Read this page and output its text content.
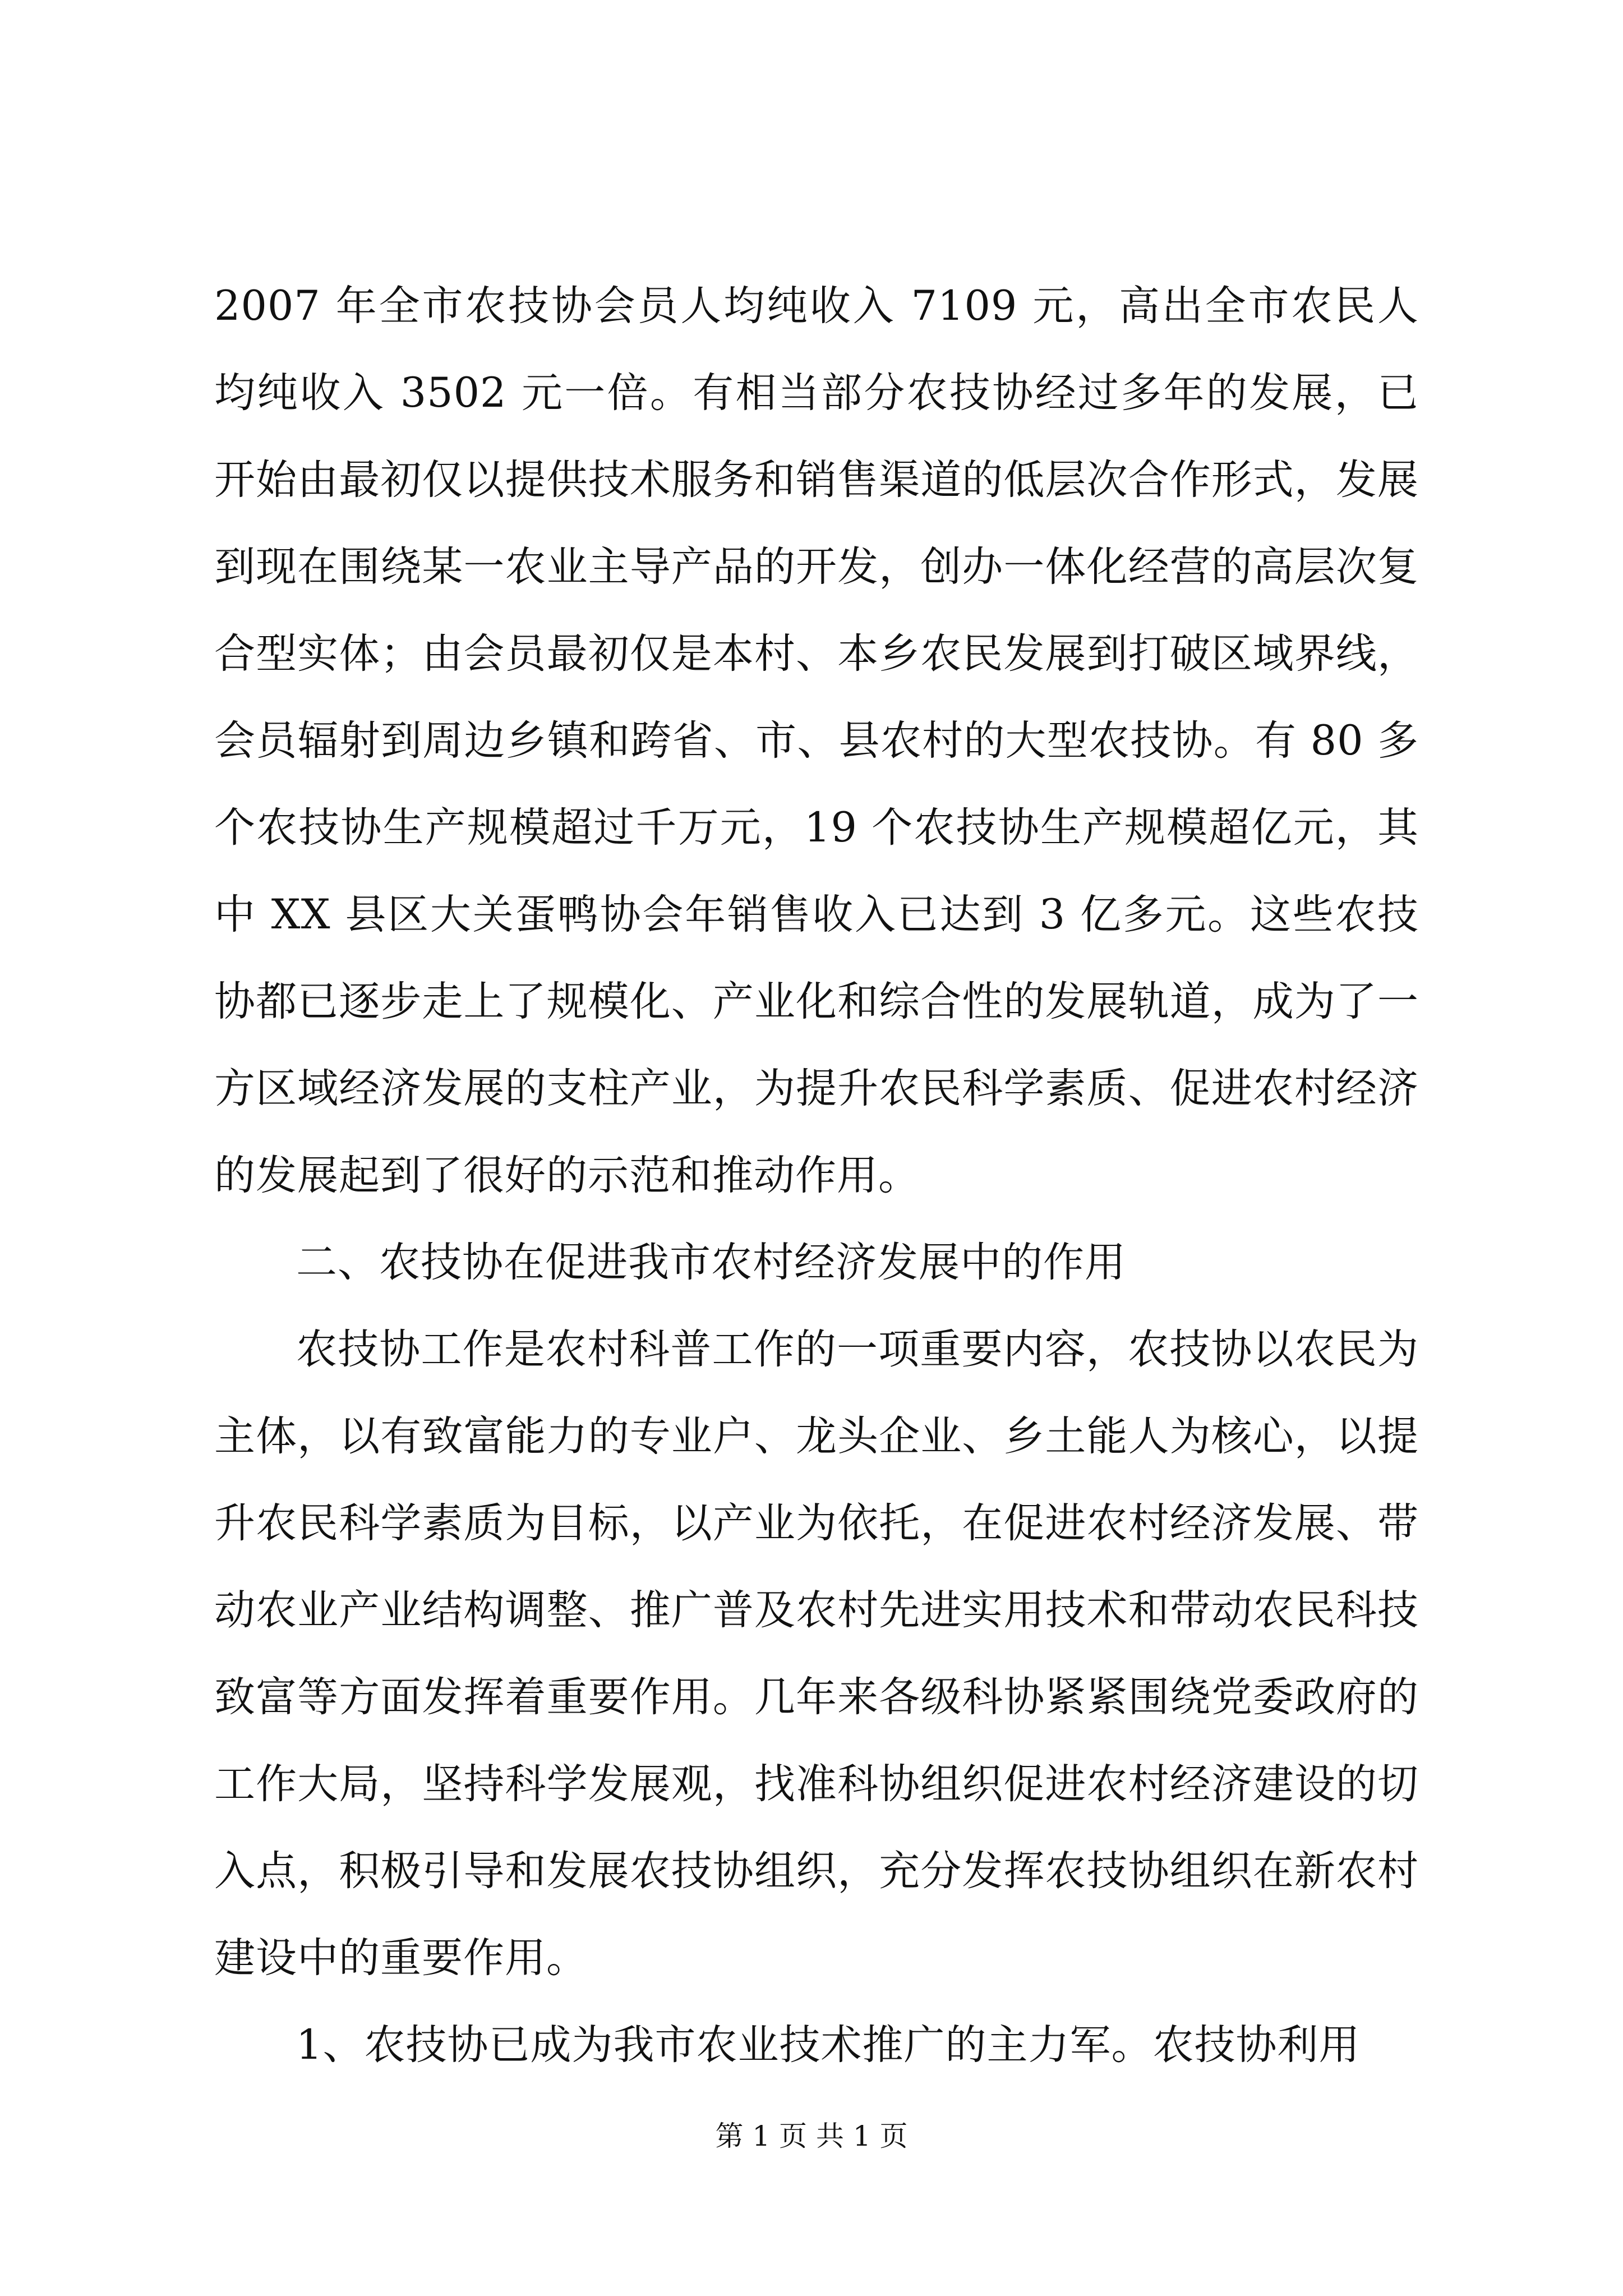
2007 年全市农技协会员人均纯收入 7109 元，高出全市农民人均纯收入 3502 元一倍。有相当部分农技协经过多年的发展，已开始由最初仅以提供技术服务和销售渠道的低层次合作形式，发展到现在围绕某一农业主导产品的开发，创办一体化经营的高层次复合型实体；由会员最初仅是本村、本乡农民发展到打破区域界线，会员辐射到周边乡镇和跨省、市、县农村的大型农技协。有 80 多个农技协生产规模超过千万元，19 个农技协生产规模超亿元，其中 XX 县区大关蛋鸭协会年销售收入已达到 3 亿多元。这些农技协都已逐步走上了规模化、产业化和综合性的发展轨道，成为了一方区域经济发展的支柱产业，为提升农民科学素质、促进农村经济的发展起到了很好的示范和推动作用。

二、农技协在促进我市农村经济发展中的作用

农技协工作是农村科普工作的一项重要内容，农技协以农民为主体，以有致富能力的专业户、龙头企业、乡土能人为核心，以提升农民科学素质为目标，以产业为依托，在促进农村经济发展、带动农业产业结构调整、推广普及农村先进实用技术和带动农民科技致富等方面发挥着重要作用。几年来各级科协紧紧围绕党委政府的工作大局，坚持科学发展观，找准科协组织促进农村经济建设的切入点，积极引导和发展农技协组织，充分发挥农技协组织在新农村建设中的重要作用。

1、农技协已成为我市农业技术推广的主力军。农技协利用

第 1 页 共 1 页
